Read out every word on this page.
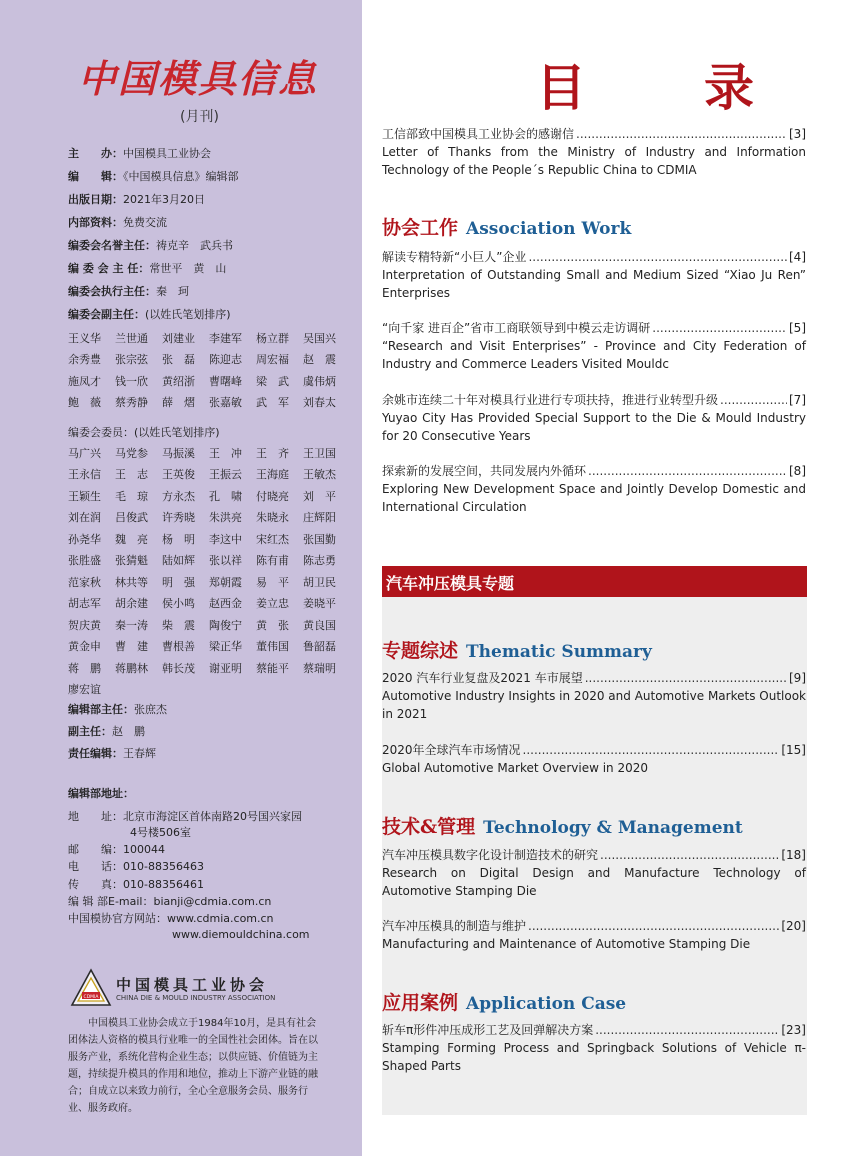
中国模具信息
(月刊)
主　　办：中国模具工业协会
编　　辑：《中国模具信息》编辑部
出版日期：2021年3月20日
内部资料：免费交流
编委会名誉主任：祷克辛　武兵书
编 委 会 主 任：常世平　黄　山
编委会执行主任：秦　珂
编委会副主任：(以姓氏笔划排序)
王义华	兰世通	刘建业	李建军	杨立群	吴国兴
余秀豊	张宗弦	张　磊	陈迎志	周宏福	赵　震
施凤才	钱一欣	黄绍浙	曹曙峰	梁　武	虞伟炳
鲍　薇	蔡秀静	薛　熠	张嘉敏	武　军	刘春太
编委会委员：(以姓氏笔划排序)
马广兴	马党参	马振溪	王　冲	王　齐	王卫国
王永信	王　志	王英俊	王振云	王海庭	王敏杰
王颖生	毛　琼	方永杰	孔　啸	付晓亮	刘　平
刘在润	吕俊武	许秀晓	朱洪亮	朱晓永	庄辉阳
孙尧华	魏　亮	杨　明	李这中	宋红杰	张国勤
张胜盛	张猜魁	陆如辉	张以祥	陈有甫	陈志勇
范家秋	林共等	明　强	郑朝霞	易　平	胡卫民
胡志军	胡余建	侯小鸣	赵西金	姜立忠	姜晓平
贺庆黄	秦一涛	柴　震	陶俊宁	黄　张	黄良国
黄金申	曹　建	曹根善	梁正华	董伟国	鲁韶磊
蒋　鹏	蒋鹏林	韩长茂	谢亚明	蔡能平	蔡瑞明
廖宏谊
编辑部主任：张庶杰
副主任：赵　鹏
责任编辑：王春辉
编辑部地址：
地　　址：北京市海淀区首体南路20号国兴家园
4号楼506室
邮　　编：100044
电　　话：010-88356463
传　　真：010-88356461
编 辑 部E-mail：bianji@cdmia.com.cn
中国模协官方网站：www.cdmia.com.cn
www.diemouldchina.com
CDMIA
中国模具工业协会
CHINA DIE & MOULD INDUSTRY ASSOCIATION
中国模具工业协会成立于1984年10月，是具有社会团体法人资格的模具行业唯一的全国性社会团体。旨在以服务产业，系统化营构企业生态；以供应链、价值链为主题，持续提升模具的作用和地位，推动上下游产业链的融合；自成立以来致力前行，全心全意服务会员、服务行业、服务政府。
目　录
工信部致中国模具工业协会的感谢信 .....	[3]
Letter of Thanks from the Ministry of Industry and Information Technology of the People´s Republic China to CDMIA
协会工作 Association Work
解读专精特新“小巨人”企业 .....	[4]
Interpretation of Outstanding Small and Medium Sized “Xiao Ju Ren” Enterprises
“向千家 进百企”省市工商联领导到中模云走访调研 .....	[5]
“Research and Visit Enterprises” - Province and City Federation of Industry and Commerce Leaders Visited Mouldc
余姚市连续二十年对模具行业进行专项扶持，推进行业转型升级 .....	[7]
Yuyao City Has Provided Special Support to the Die & Mould Industry for 20 Consecutive Years
探索新的发展空间，共同发展内外循环 .....	[8]
Exploring New Development Space and Jointly Develop Domestic and International Circulation
汽车冲压模具专题
专题综述 Thematic Summary
2020 汽车行业复盘及2021 车市展望 .....	[9]
Automotive Industry Insights in 2020 and Automotive Markets Outlook in 2021
2020年全球汽车市场情况 .....	[15]
Global Automotive Market Overview in 2020
技术&管理 Technology & Management
汽车冲压模具数字化设计制造技术的研究 .....	[18]
Research on Digital Design and Manufacture Technology of Automotive Stamping Die
汽车冲压模具的制造与维护 .....	[20]
Manufacturing and Maintenance of Automotive Stamping Die
应用案例 Application Case
斩车π形件冲压成形工艺及回弹解决方案 .....	[23]
Stamping Forming Process and Springback Solutions of Vehicle π-Shaped Parts
